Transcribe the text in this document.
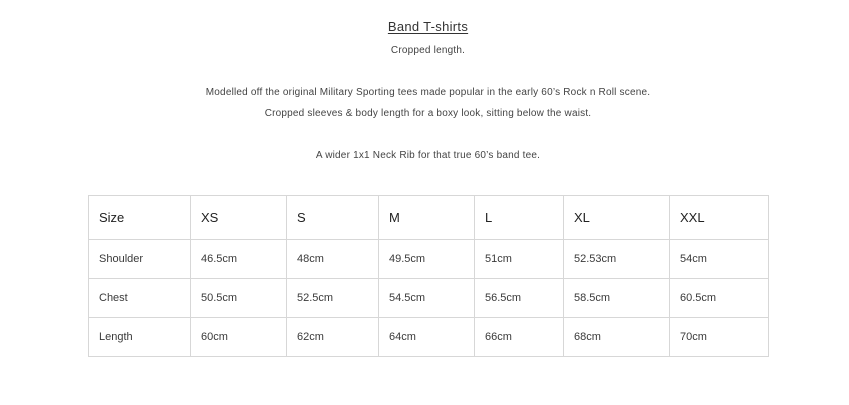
Band T-shirts
Cropped length.
Modelled off the original Military Sporting tees made popular in the early 60’s Rock n Roll scene.
Cropped sleeves & body length for a boxy look, sitting below the waist.
A wider 1x1 Neck Rib for that true 60’s band tee.
Size	XS	S	M	L	XL	XXL
Shoulder	46.5cm	48cm	49.5cm	51cm	52.53cm	54cm
Chest	50.5cm	52.5cm	54.5cm	56.5cm	58.5cm	60.5cm
Length	60cm	62cm	64cm	66cm	68cm	70cm
